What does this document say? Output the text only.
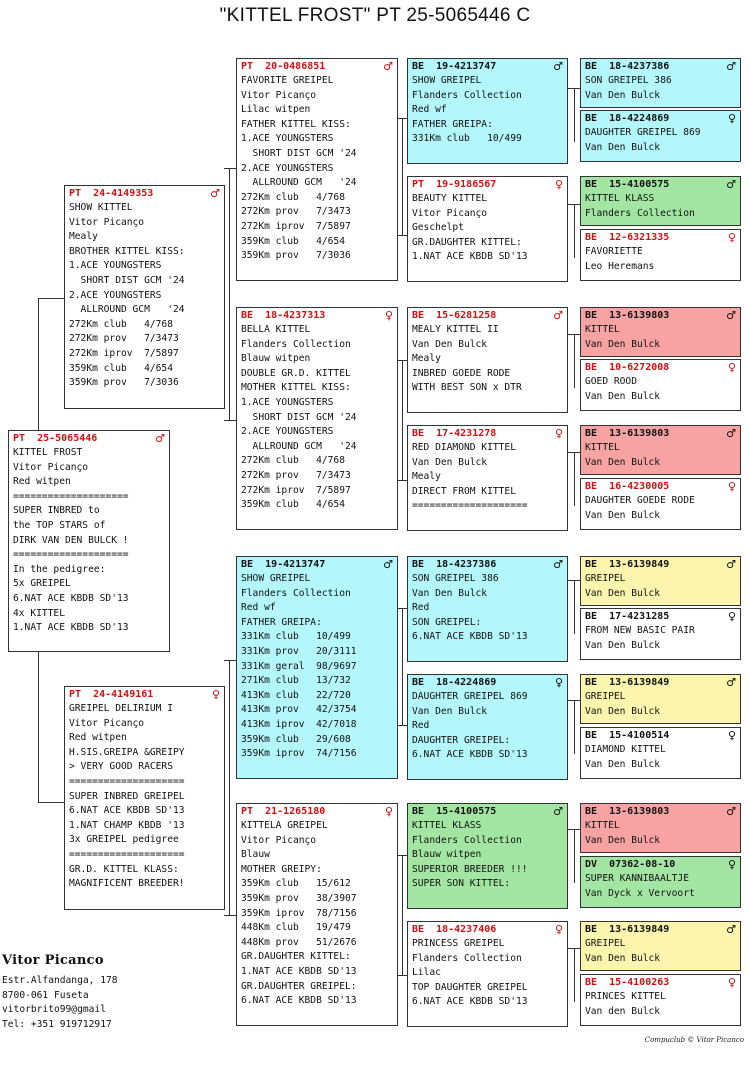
"KITTEL FROST" PT 25-5065446 C
PT  25-5065446	♂
KITTEL FROST
Vitor Picanço
Red witpen
====================
SUPER INBRED to
the TOP STARS of
DIRK VAN DEN BULCK !
====================
In the pedigree:
5x GREIPEL
6.NAT ACE KBDB SD'13
4x KITTEL
1.NAT ACE KBDB SD'13
PT  24-4149353	♂
SHOW KITTEL
Vitor Picanço
Mealy
BROTHER KITTEL KISS:
1.ACE YOUNGSTERS
SHORT DIST GCM '24
2.ACE YOUNGSTERS
ALLROUND GCM   '24
272Km club   4/768
272Km prov   7/3473
272Km iprov  7/5897
359Km club   4/654
359Km prov   7/3036
PT  24-4149161	♀
GREIPEL DELIRIUM I
Vitor Picanço
Red witpen
H.SIS.GREIPA &GREIPY
> VERY GOOD RACERS
====================
SUPER INBRED GREIPEL
6.NAT ACE KBDB SD'13
1.NAT CHAMP KBDB '13
3x GREIPEL pedigree
====================
GR.D. KITTEL KLASS:
MAGNIFICENT BREEDER!
PT  20-0486851	♂
FAVORITE GREIPEL
Vitor Picanço
Lilac witpen
FATHER KITTEL KISS:
1.ACE YOUNGSTERS
SHORT DIST GCM '24
2.ACE YOUNGSTERS
ALLROUND GCM   '24
272Km club   4/768
272Km prov   7/3473
272Km iprov  7/5897
359Km club   4/654
359Km prov   7/3036
BE  18-4237313	♀
BELLA KITTEL
Flanders Collection
Blauw witpen
DOUBLE GR.D. KITTEL
MOTHER KITTEL KISS:
1.ACE YOUNGSTERS
SHORT DIST GCM '24
2.ACE YOUNGSTERS
ALLROUND GCM   '24
272Km club   4/768
272Km prov   7/3473
272Km iprov  7/5897
359Km club   4/654
BE  19-4213747	♂
SHOW GREIPEL
Flanders Collection
Red wf
FATHER GREIPA:
331Km club   10/499
331Km prov   20/3111
331Km geral  98/9697
271Km club   13/732
413Km club   22/720
413Km prov   42/3754
413Km iprov  42/7018
359Km club   29/608
359Km iprov  74/7156
PT  21-1265180	♀
KITTELA GREIPEL
Vitor Picanço
Blauw
MOTHER GREIPY:
359Km club   15/612
359Km prov   38/3907
359Km iprov  78/7156
448Km club   19/479
448Km prov   51/2676
GR.DAUGHTER KITTEL:
1.NAT ACE KBDB SD'13
GR.DAUGHTER GREIPEL:
6.NAT ACE KBDB SD'13
BE  19-4213747	♂
SHOW GREIPEL
Flanders Collection
Red wf
FATHER GREIPA:
331Km club   10/499
PT  19-9186567	♀
BEAUTY KITTEL
Vitor Picanço
Geschelpt
GR.DAUGHTER KITTEL:
1.NAT ACE KBDB SD'13
BE  15-6281258	♂
MEALY KITTEL II
Van Den Bulck
Mealy
INBRED GOEDE RODE
WITH BEST SON x DTR
BE  17-4231278	♀
RED DIAMOND KITTEL
Van Den Bulck
Mealy
DIRECT FROM KITTEL
====================
BE  18-4237386	♂
SON GREIPEL 386
Van Den Bulck
Red
SON GREIPEL:
6.NAT ACE KBDB SD'13
BE  18-4224869	♀
DAUGHTER GREIPEL 869
Van Den Bulck
Red
DAUGHTER GREIPEL:
6.NAT ACE KBDB SD'13
BE  15-4100575	♂
KITTEL KLASS
Flanders Collection
Blauw witpen
SUPERIOR BREEDER !!!
SUPER SON KITTEL:
BE  18-4237406	♀
PRINCESS GREIPEL
Flanders Collection
Lilac
TOP DAUGHTER GREIPEL
6.NAT ACE KBDB SD'13
BE  18-4237386	♂
SON GREIPEL 386
Van Den Bulck
BE  18-4224869	♀
DAUGHTER GREIPEL 869
Van Den Bulck
BE  15-4100575	♂
KITTEL KLASS
Flanders Collection
BE  12-6321335	♀
FAVORIETTE
Leo Heremans
BE  13-6139803	♂
KITTEL
Van Den Bulck
BE  10-6272008	♀
GOED ROOD
Van Den Bulck
BE  13-6139803	♂
KITTEL
Van Den Bulck
BE  16-4230005	♀
DAUGHTER GOEDE RODE
Van Den Bulck
BE  13-6139849	♂
GREIPEL
Van Den Bulck
BE  17-4231285	♀
FROM NEW BASIC PAIR
Van Den Bulck
BE  13-6139849	♂
GREIPEL
Van Den Bulck
BE  15-4100514	♀
DIAMOND KITTEL
Van Den Bulck
BE  13-6139803	♂
KITTEL
Van Den Bulck
DV  07362-08-10	♀
SUPER KANNIBAALTJE
Van Dyck x Vervoort
BE  13-6139849	♂
GREIPEL
Van Den Bulck
BE  15-4100263	♀
PRINCES KITTEL
Van den Bulck
Vitor Picanco
Estr.Alfandanga, 178
8700-061 Fuseta
vitorbrito99@gmail
Tel: +351 919712917
Compuclub © Vitor Picanco
